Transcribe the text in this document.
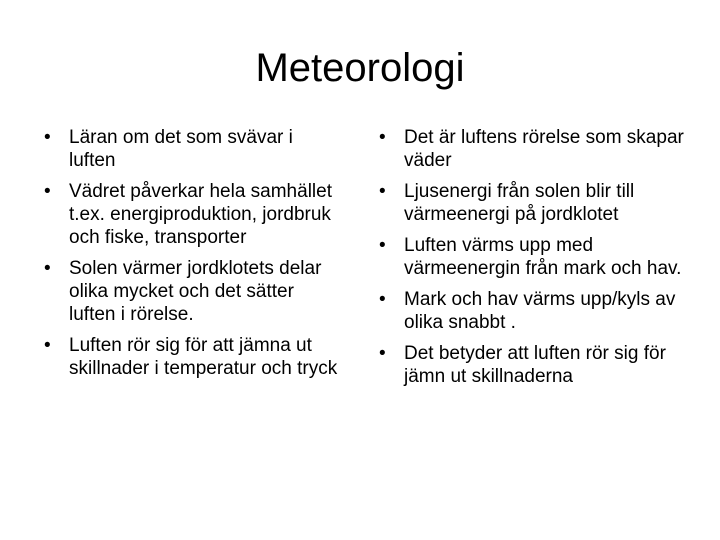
Meteorologi
• Läran om det som svävar i luften
• Vädret påverkar hela samhället t.ex. energiproduktion, jordbruk och fiske, transporter
• Solen värmer jordklotets delar olika mycket och det sätter luften i rörelse.
• Luften rör sig för att jämna ut skillnader i temperatur och tryck
• Det är luftens rörelse som skapar väder
• Ljusenergi från solen blir till värmeenergi på jordklotet
• Luften värms upp med värmeenergin från mark och hav.
• Mark och hav värms upp/kyls av olika snabbt .
• Det betyder att luften rör sig för jämn ut skillnaderna
